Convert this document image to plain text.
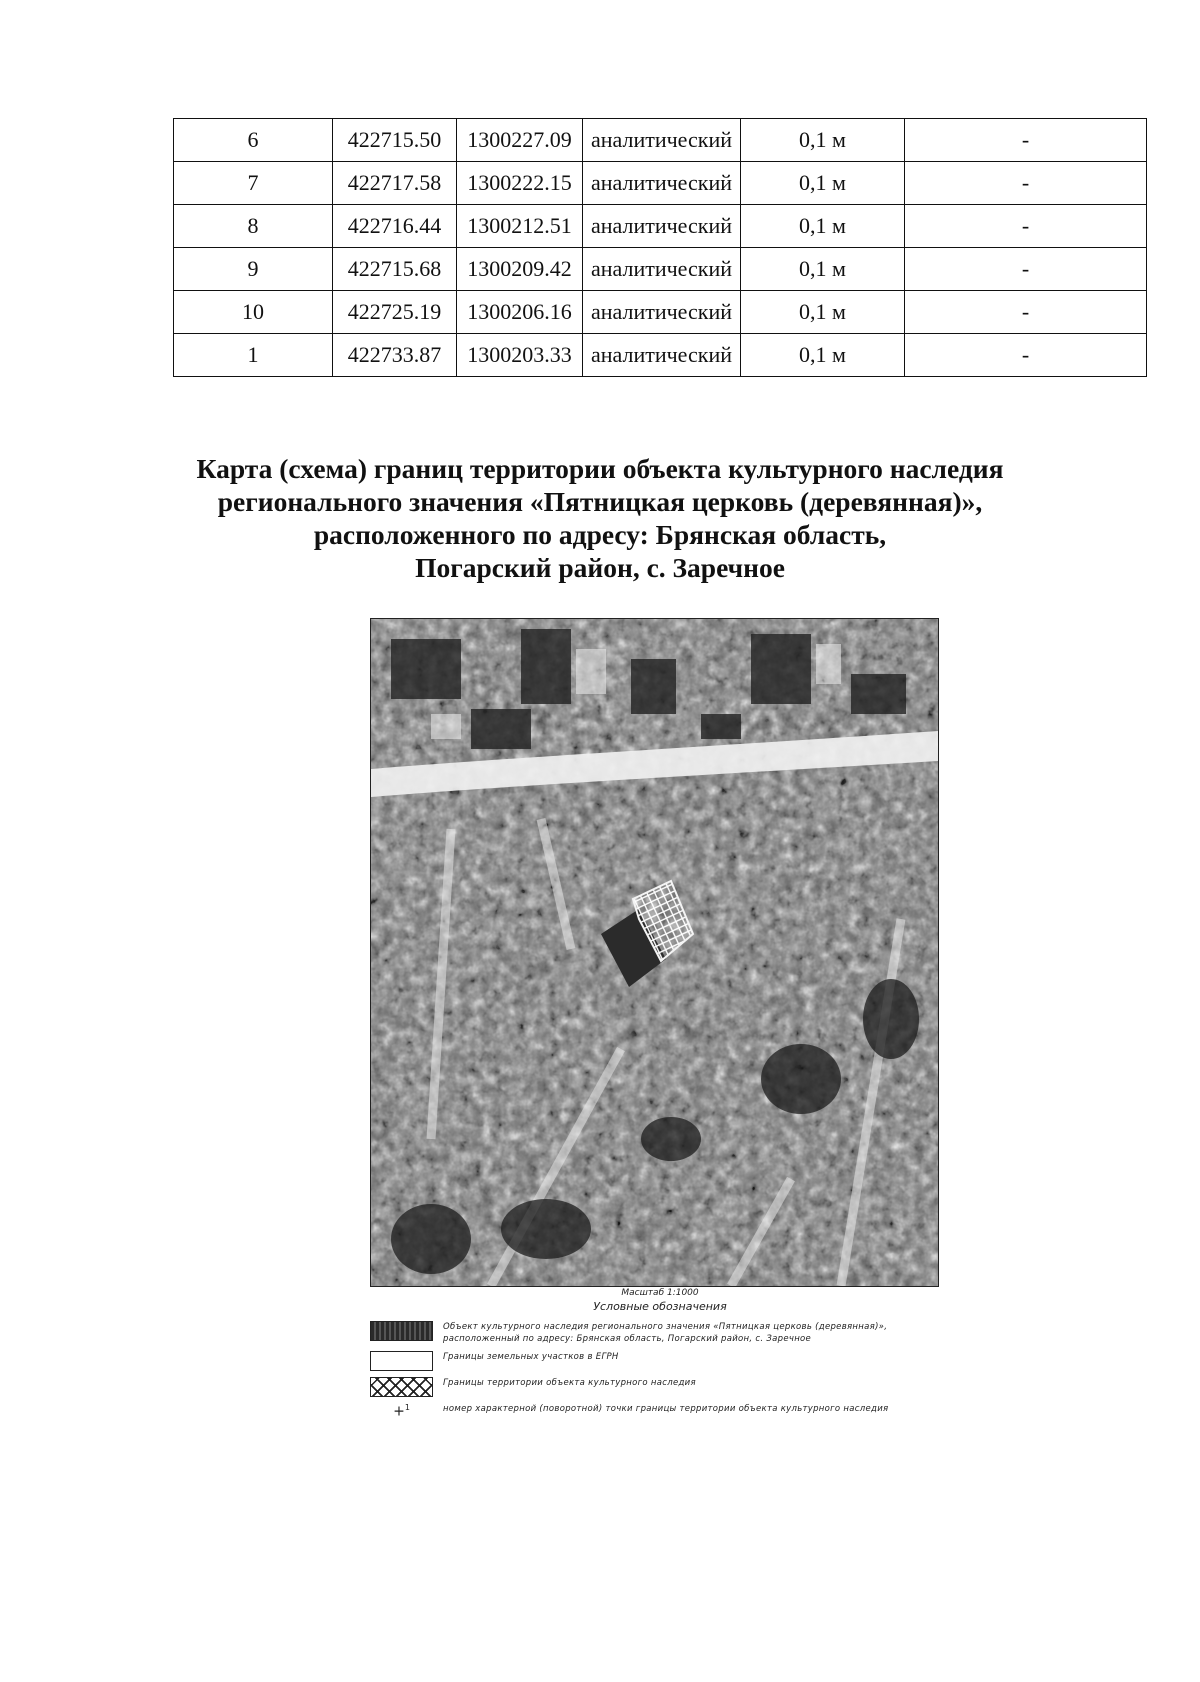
6	422715.50	1300227.09	аналитический	0,1 м	-
7	422717.58	1300222.15	аналитический	0,1 м	-
8	422716.44	1300212.51	аналитический	0,1 м	-
9	422715.68	1300209.42	аналитический	0,1 м	-
10	422725.19	1300206.16	аналитический	0,1 м	-
1	422733.87	1300203.33	аналитический	0,1 м	-
Карта (схема) границ территории объекта культурного наследия
регионального значения «Пятницкая церковь (деревянная)»,
расположенного по адресу: Брянская область,
Погарский район, с. Заречное

Масштаб 1:1000

Условные обозначения

Объект культурного наследия регионального значения «Пятницкая церковь (деревянная)», расположенный по адресу: Брянская область, Погарский район, с. Заречное
Границы земельных участков в ЕГРН
Границы территории объекта культурного наследия
+$^1$	номер характерной (поворотной) точки границы территории объекта культурного наследия
